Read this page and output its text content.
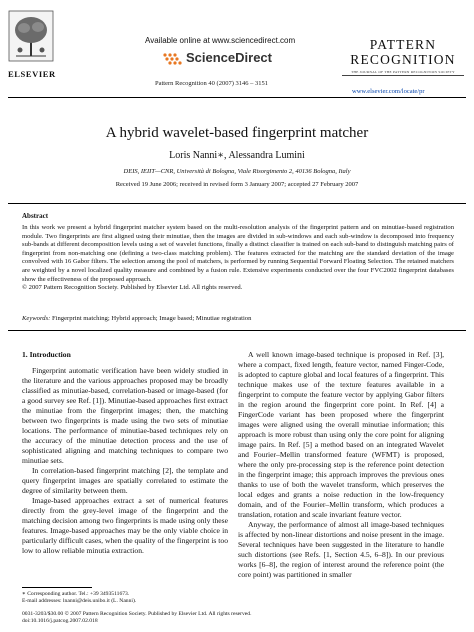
ELSEVIER
Available online at www.sciencedirect.com
ScienceDirect
Pattern Recognition 40 (2007) 3146 – 3151
PATTERN
RECOGNITION
THE JOURNAL OF THE PATTERN RECOGNITION SOCIETY
www.elsevier.com/locate/pr
A hybrid wavelet-based fingerprint matcher
Loris Nanni∗, Alessandra Lumini
DEIS, IEIIT—CNR, Università di Bologna, Viale Risorgimento 2, 40136 Bologna, Italy
Received 19 June 2006; received in revised form 3 January 2007; accepted 27 February 2007
Abstract
In this work we present a hybrid fingerprint matcher system based on the multi-resolution analysis of the fingerprint pattern and on minutiae-based registration module. Two fingerprints are first aligned using their minutiae, then the images are divided in sub-windows and each sub-window is decomposed into frequency sub-bands at different decomposition levels using a set of wavelet functions, finally a distinct classifier is trained on each sub-band to distinguish matching pairs of fingerprint from non-matching one (defining a two-class matching problem). The features extracted for the matching are the standard deviation of the image convolved with 16 Gabor filters. The selection among the pool of matchers, is performed by running Sequential Forward Floating Selection. The retained matchers are weighted by a novel localized quality measure and combined by a fusion rule. Extensive experiments conducted over the four FVC2002 fingerprint databases show the effectiveness of the proposed approach.
© 2007 Pattern Recognition Society. Published by Elsevier Ltd. All rights reserved.
Keywords: Fingerprint matching; Hybrid approach; Image based; Minutiae registration
1. Introduction

Fingerprint automatic verification have been widely studied in the literature and the various approaches proposed may be broadly classified as minutiae-based, correlation-based or image-based (for a good survey see Ref. [1]). Minutiae-based approaches first extract the minutiae from the fingerprint images; then, the matching between two fingerprints is made using the two sets of minutiae locations. The performance of minutiae-based techniques rely on the accuracy of the minutiae detection process and the use of sophisticated aligning and matching techniques to compare two minutiae sets.

In correlation-based fingerprint matching [2], the template and query fingerprint images are spatially correlated to estimate the degree of similarity between them.

Image-based approaches extract a set of numerical features directly from the grey-level image of the fingerprint and the matching decision among two fingerprints is made using only these features. Image-based approaches may be the only viable choice in particularly difficult cases, when the quality of the fingerprint is too low to allow reliable minutia extraction.

A well known image-based technique is proposed in Ref. [3], where a compact, fixed length, feature vector, named Finger-Code, is adopted to capture global and local features of a fingerprint. This technique makes use of the texture features available in a fingerprint to compute the feature vector by applying Gabor filters in the region around the fingerprint core point. In Ref. [4] a FingerCode variant has been proposed where the fingerprint images were aligned using the overall minutiae information; this approach is more robust than using only the core point for aligning image pairs. In Ref. [5] a method based on an integrated Wavelet and Fourier–Mellin transformed feature (WFMT) is proposed, where the only pre-processing step is the reference point detection in the fingerprint image; this approach improves the previous ones thanks to use of both the wavelet transform, which preserves the local edges and grants a noise reduction in the low-frequency domain, and of the Fourier–Mellin transform, which produces a translation, rotation and scale invariant feature vector.

Anyway, the performance of almost all image-based techniques is affected by non-linear distortions and noise present in the image. Several techniques have been suggested in the literature to handle such distortions (see Refs. [1, Section 4.5, 6–8]). In our previous works [6–8], the region of interest around the reference point (the core point) was partitioned in smaller

∗ Corresponding author. Tel.: +39 3493511673.
E-mail addresses: lnanni@deis.unibo.it (L. Nanni).
0031-3203/$30.00 © 2007 Pattern Recognition Society. Published by Elsevier Ltd. All rights reserved.
doi:10.1016/j.patcog.2007.02.018
